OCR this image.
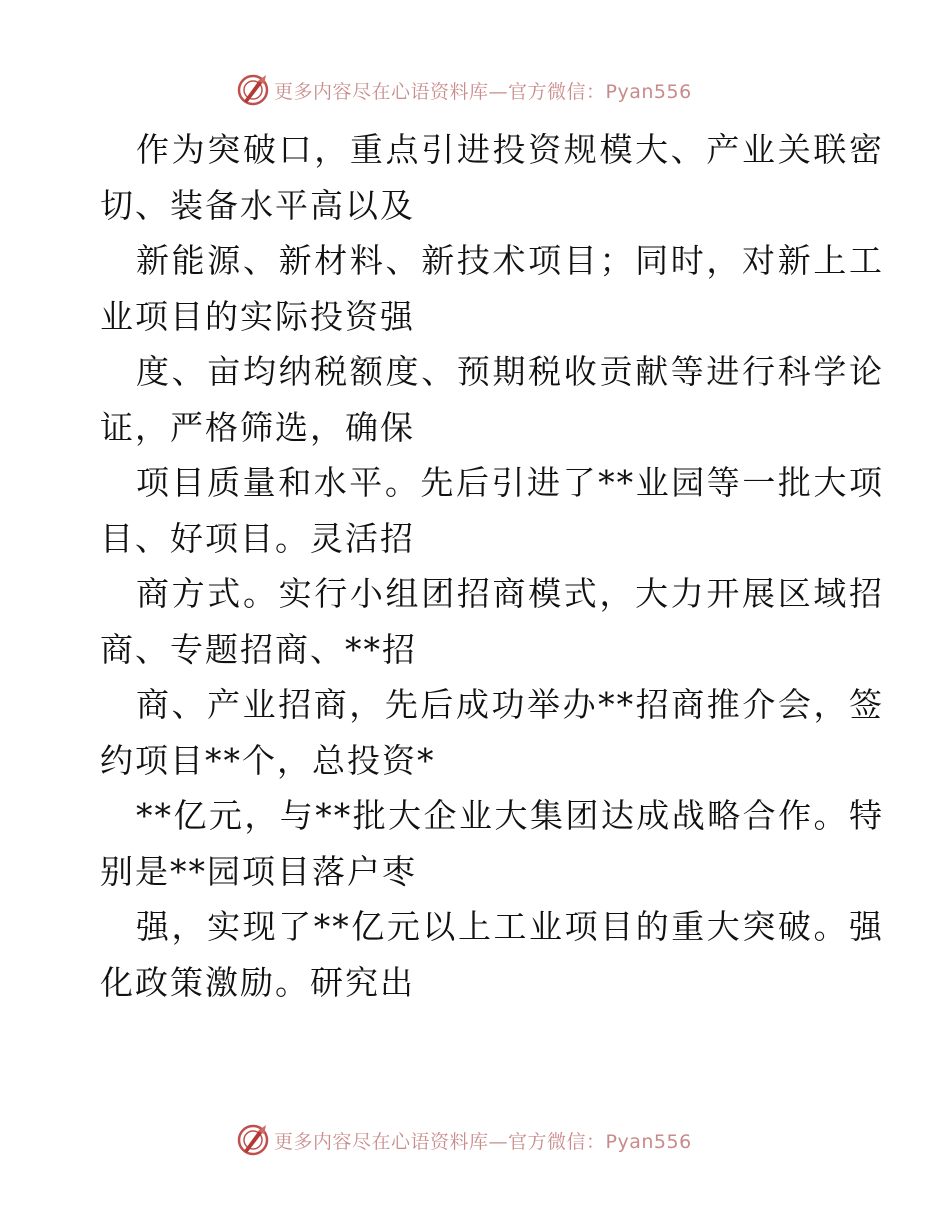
更多内容尽在心语资料库—官方微信：Pyan556
作为突破口，重点引进投资规模大、产业关联密
切、装备水平高以及
新能源、新材料、新技术项目；同时，对新上工
业项目的实际投资强
度、亩均纳税额度、预期税收贡献等进行科学论
证，严格筛选，确保
项目质量和水平。先后引进了**业园等一批大项
目、好项目。灵活招
商方式。实行小组团招商模式，大力开展区域招
商、专题招商、**招
商、产业招商，先后成功举办**招商推介会，签
约项目**个，总投资*
**亿元，与**批大企业大集团达成战略合作。特
别是**园项目落户枣
强，实现了**亿元以上工业项目的重大突破。强
化政策激励。研究出
更多内容尽在心语资料库—官方微信：Pyan556
